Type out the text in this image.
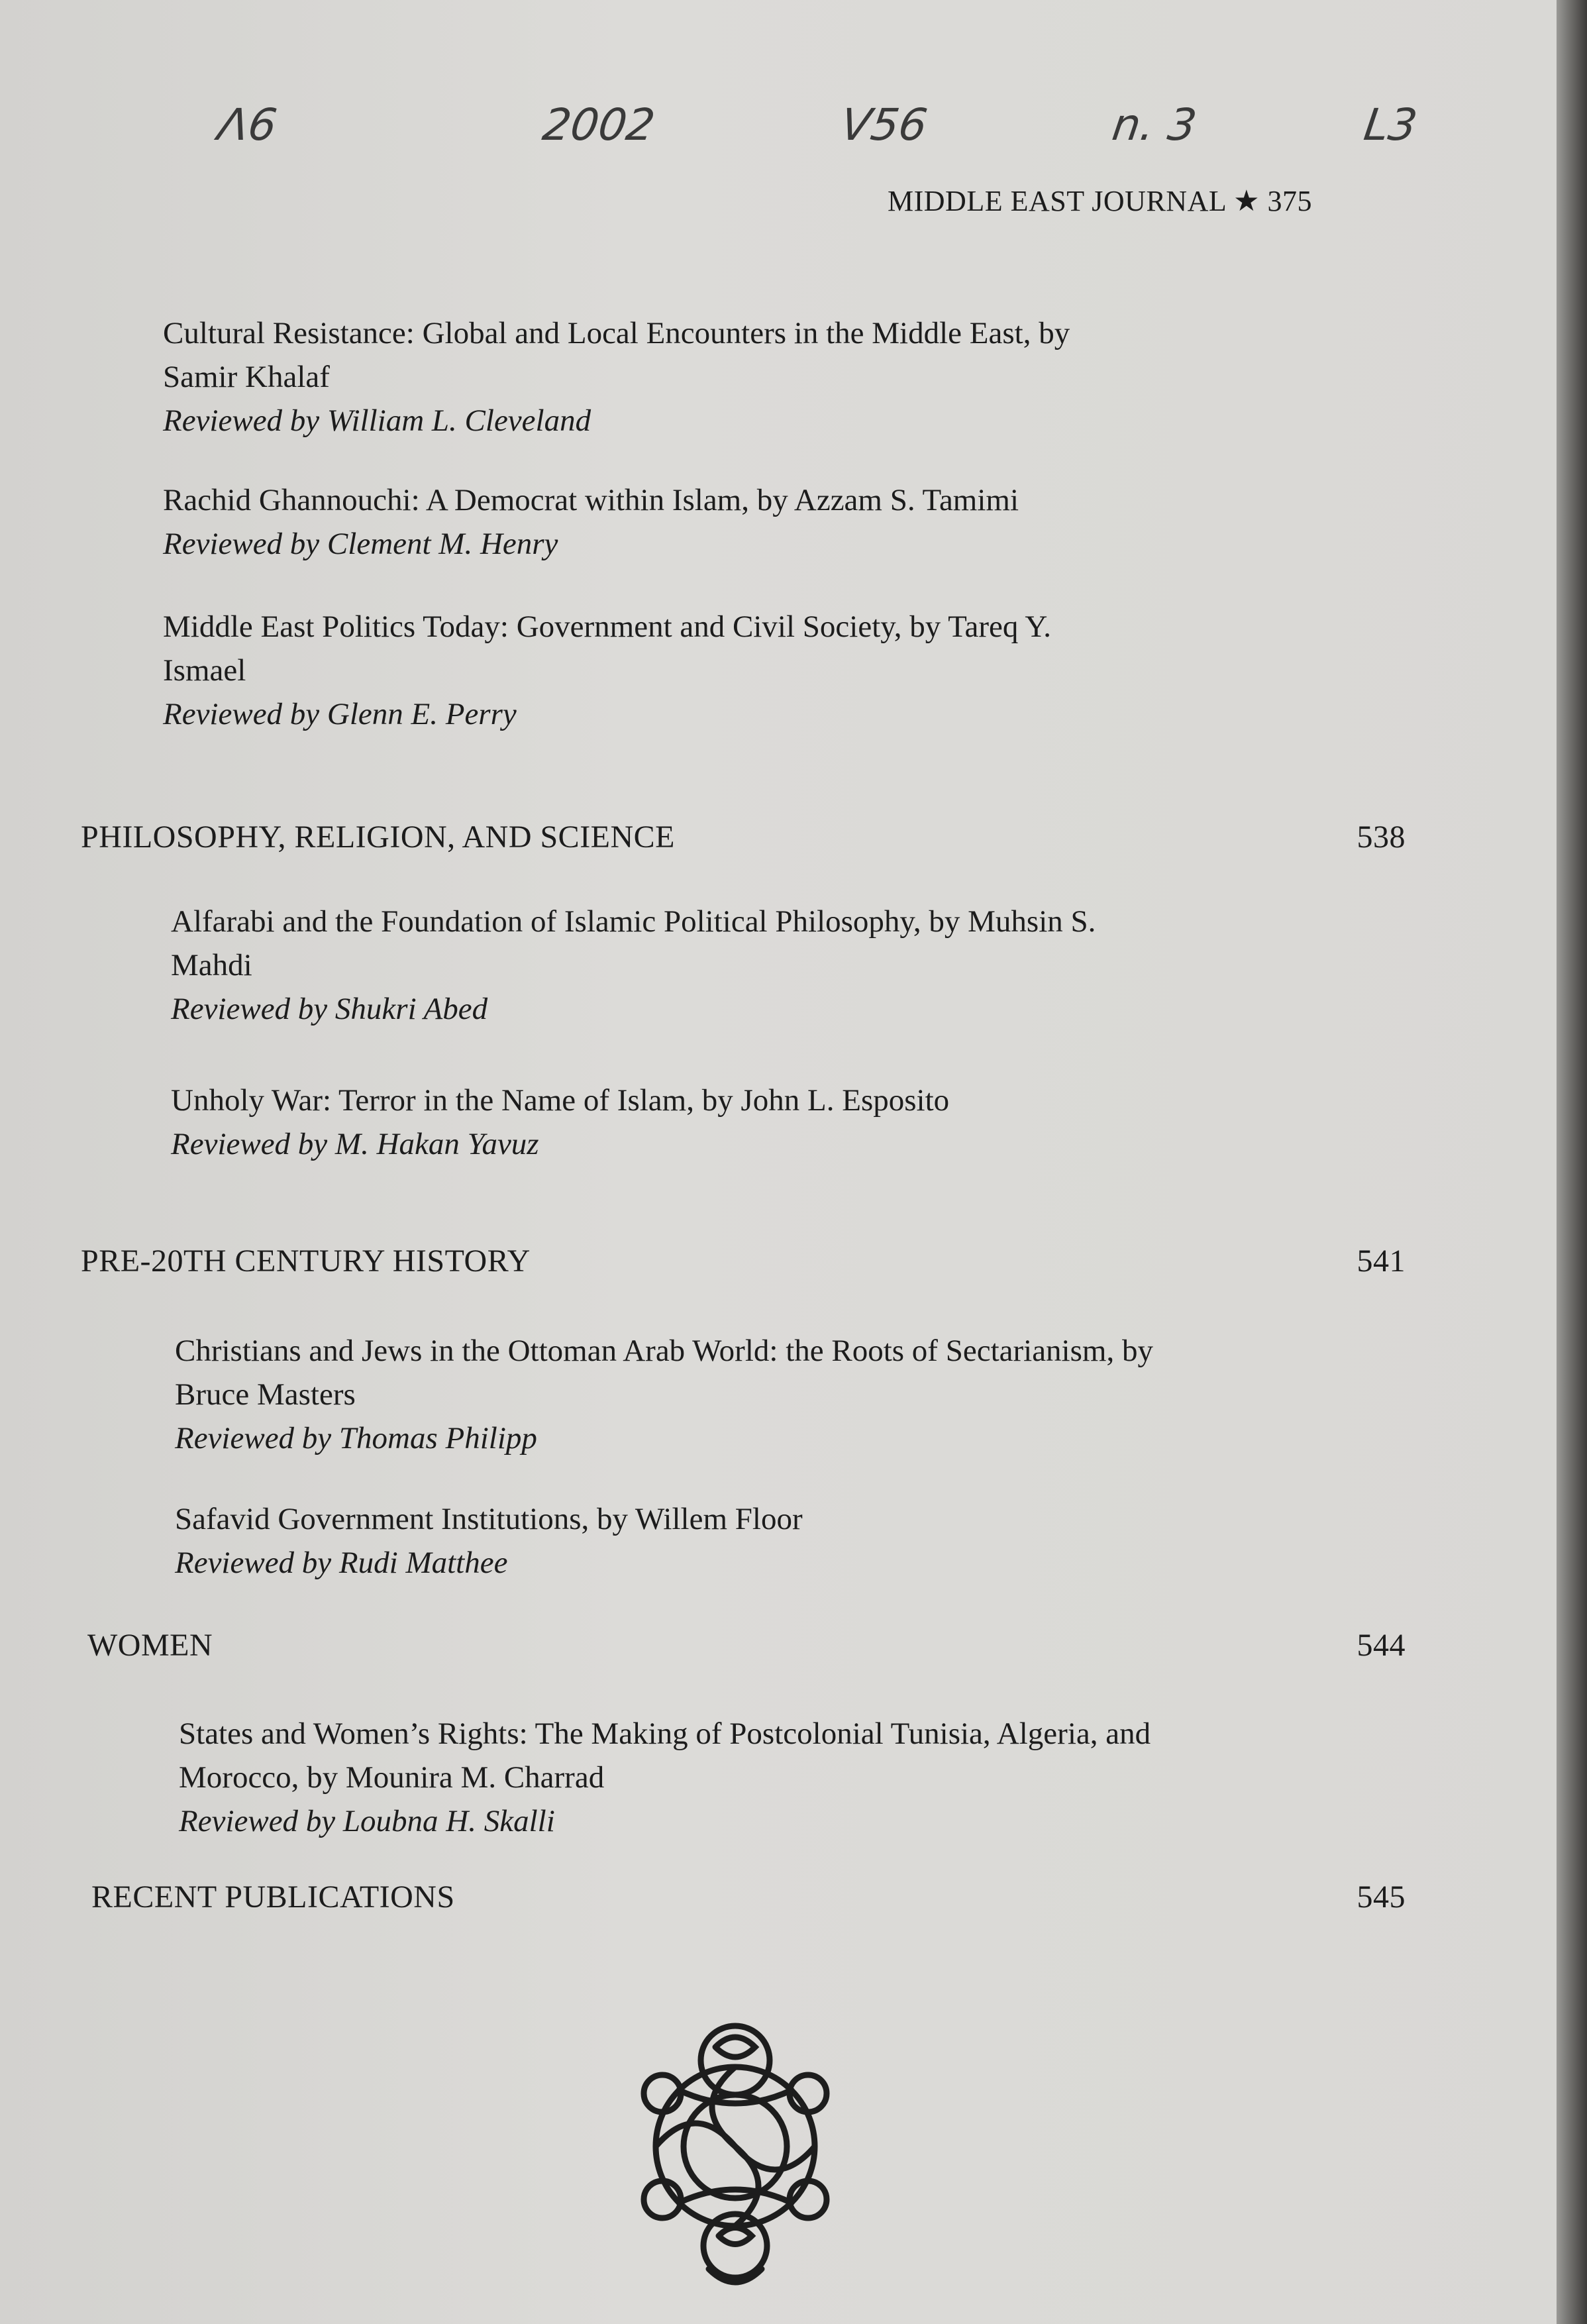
Λ6	2002	V56	n. 3	L3
MIDDLE EAST JOURNAL ★ 375
Cultural Resistance: Global and Local Encounters in the Middle East, by
Samir Khalaf
Reviewed by William L. Cleveland
Rachid Ghannouchi: A Democrat within Islam, by Azzam S. Tamimi
Reviewed by Clement M. Henry
Middle East Politics Today: Government and Civil Society, by Tareq Y.
Ismael
Reviewed by Glenn E. Perry
PHILOSOPHY, RELIGION, AND SCIENCE	538
Alfarabi and the Foundation of Islamic Political Philosophy, by Muhsin S.
Mahdi
Reviewed by Shukri Abed
Unholy War: Terror in the Name of Islam, by John L. Esposito
Reviewed by M. Hakan Yavuz
PRE-20TH CENTURY HISTORY	541
Christians and Jews in the Ottoman Arab World: the Roots of Sectarianism, by
Bruce Masters
Reviewed by Thomas Philipp
Safavid Government Institutions, by Willem Floor
Reviewed by Rudi Matthee
WOMEN	544
States and Women’s Rights: The Making of Postcolonial Tunisia, Algeria, and
Morocco, by Mounira M. Charrad
Reviewed by Loubna H. Skalli
RECENT PUBLICATIONS	545
